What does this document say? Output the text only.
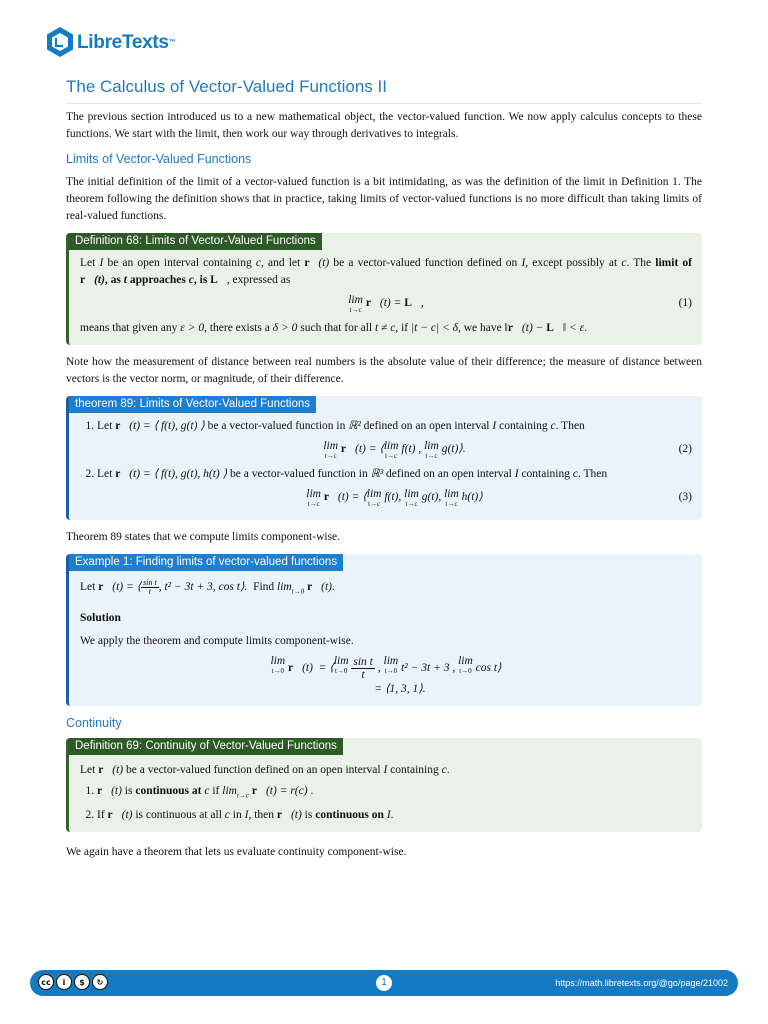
LibreTexts™
The Calculus of Vector-Valued Functions II

The previous section introduced us to a new mathematical object, the vector-valued function. We now apply calculus concepts to these functions. We start with the limit, then work our way through derivatives to integrals.

Limits of Vector-Valued Functions

The initial definition of the limit of a vector-valued function is a bit intimidating, as was the definition of the limit in Definition 1. The theorem following the definition shows that in practice, taking limits of vector-valued functions is no more difficult than taking limits of real-valued functions.

Definition 68: Limits of Vector-Valued Functions

Let I be an open interval containing c, and let r⃗(t) be a vector-valued function defined on I, except possibly at c. The limit of r⃗(t), as t approaches c, is L⃗, expressed as

lim
t→c
r⃗(t) = L⃗,	(1)

means that given any ε > 0, there exists a δ > 0 such that for all t ≠ c, if |t − c| < δ, we have ‖r⃗(t) − L⃗‖ < ε.

Note how the measurement of distance between real numbers is the absolute value of their difference; the measure of distance between vectors is the vector norm, or magnitude, of their difference.

theorem 89: Limits of Vector-Valued Functions
1. Let r⃗(t) = ⟨ f(t), g(t) ⟩ be a vector-valued function in ℝ² defined on an open interval I containing c. Then
lim
t→c
r⃗(t) = ⟨lim
t→c
f(t) , lim
t→c
g(t)⟩.	(2)
2. Let r⃗(t) = ⟨ f(t), g(t), h(t) ⟩ be a vector-valued function in ℝ³ defined on an open interval I containing c. Then
lim
t→c
r⃗(t) = ⟨lim
t→c
f(t), lim
t→c
g(t), lim
t→c
h(t)⟩	(3)

Theorem 89 states that we compute limits component-wise.

Example 1: Finding limits of vector-valued functions

Let r⃗(t) = ⟨ $\frac{\text{sin t}}{t}$ , t² − 3t + 3, cos t⟩. Find $\lim_{t\to 0}$ r⃗(t).

Solution

We apply the theorem and compute limits component-wise.

lim
t→0 r⃗(t)  = ⟨lim
t→0
$\frac{\text{sin t}}{t}$ , lim
t→0 t² − 3t + 3 , lim
t→0 cos t⟩
= ⟨1, 3, 1⟩.
Continuity
Definition 69: Continuity of Vector-Valued Functions

Let r⃗(t) be a vector-valued function defined on an open interval I containing c.

1. r⃗(t) is continuous at c if $\lim_{t\to c}$ r⃗(t) = r(c) .
2. If r⃗(t) is continuous at all c in I, then r⃗(t) is continuous on I.

We again have a theorem that lets us evaluate continuity component-wise.

cc	i	$	↻	1	https://math.libretexts.org/@go/page/21002
